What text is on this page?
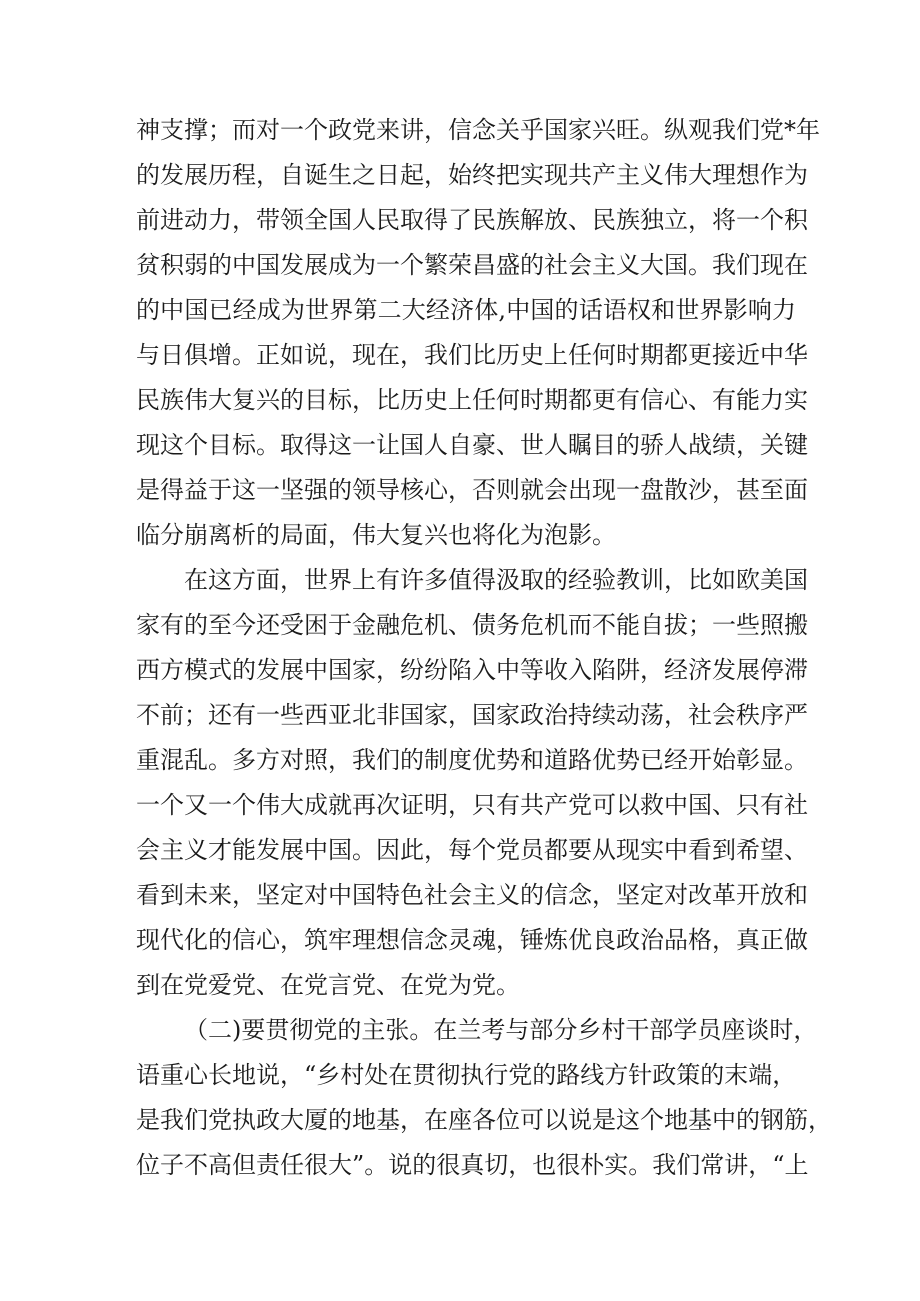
神支撑；而对一个政党来讲，信念关乎国家兴旺。纵观我们党*年
的发展历程，自诞生之日起，始终把实现共产主义伟大理想作为
前进动力，带领全国人民取得了民族解放、民族独立，将一个积
贫积弱的中国发展成为一个繁荣昌盛的社会主义大国。我们现在
的中国已经成为世界第二大经济体,中国的话语权和世界影响力
与日俱增。正如说，现在，我们比历史上任何时期都更接近中华
民族伟大复兴的目标，比历史上任何时期都更有信心、有能力实
现这个目标。取得这一让国人自豪、世人瞩目的骄人战绩，关键
是得益于这一坚强的领导核心，否则就会出现一盘散沙，甚至面
临分崩离析的局面，伟大复兴也将化为泡影。
在这方面，世界上有许多值得汲取的经验教训，比如欧美国
家有的至今还受困于金融危机、债务危机而不能自拔；一些照搬
西方模式的发展中国家，纷纷陷入中等收入陷阱，经济发展停滞
不前；还有一些西亚北非国家，国家政治持续动荡，社会秩序严
重混乱。多方对照，我们的制度优势和道路优势已经开始彰显。
一个又一个伟大成就再次证明，只有共产党可以救中国、只有社
会主义才能发展中国。因此，每个党员都要从现实中看到希望、
看到未来，坚定对中国特色社会主义的信念，坚定对改革开放和
现代化的信心，筑牢理想信念灵魂，锤炼优良政治品格，真正做
到在党爱党、在党言党、在党为党。
（二)要贯彻党的主张。在兰考与部分乡村干部学员座谈时，
语重心长地说，“乡村处在贯彻执行党的路线方针政策的末端，
是我们党执政大厦的地基，在座各位可以说是这个地基中的钢筋，
位子不高但责任很大”。说的很真切，也很朴实。我们常讲，“上
